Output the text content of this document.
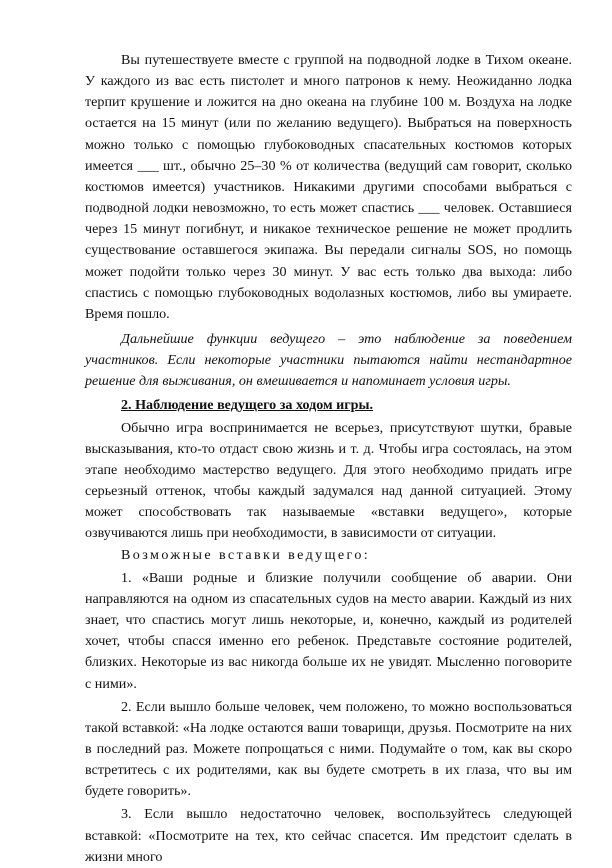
Вы путешествуете вместе с группой на подводной лодке в Тихом океане. У каждого из вас есть пистолет и много патронов к нему. Неожиданно лодка терпит крушение и ложится на дно океана на глубине 100 м. Воздуха на лодке остается на 15 минут (или по желанию ведущего). Выбраться на поверхность можно только с помощью глубоководных спасательных костюмов которых имеется ___ шт., обычно 25–30 % от количества (ведущий сам говорит, сколько костюмов имеется) участников. Никакими другими способами выбраться с подводной лодки невозможно, то есть может спастись ___ человек. Оставшиеся через 15 минут погибнут, и никакое техническое решение не может продлить существование оставшегося экипажа. Вы передали сигналы SOS, но помощь может подойти только через 30 минут. У вас есть только два выхода: либо спастись с помощью глубоководных водолазных костюмов, либо вы умираете. Время пошло.

Дальнейшие функции ведущего – это наблюдение за поведением участников. Если некоторые участники пытаются найти нестандартное решение для выживания, он вмешивается и напоминает условия игры.

2. Наблюдение ведущего за ходом игры.

Обычно игра воспринимается не всерьез, присутствуют шутки, бравые высказывания, кто-то отдаст свою жизнь и т. д. Чтобы игра состоялась, на этом этапе необходимо мастерство ведущего. Для этого необходимо придать игре серьезный оттенок, чтобы каждый задумался над данной ситуацией. Этому может способствовать так называемые «вставки ведущего», которые озвучиваются лишь при необходимости, в зависимости от ситуации.

Возможные вставки ведущего:

1. «Ваши родные и близкие получили сообщение об аварии. Они направляются на одном из спасательных судов на место аварии. Каждый из них знает, что спастись могут лишь некоторые, и, конечно, каждый из родителей хочет, чтобы спасся именно его ребенок. Представьте состояние родителей, близких. Некоторые из вас никогда больше их не увидят. Мысленно поговорите с ними».

2. Если вышло больше человек, чем положено, то можно воспользоваться такой вставкой: «На лодке остаются ваши товарищи, друзья. Посмотрите на них в последний раз. Можете попрощаться с ними. Подумайте о том, как вы скоро встретитесь с их родителями, как вы будете смотреть в их глаза, что вы им будете говорить».

3. Если вышло недостаточно человек, воспользуйтесь следующей вставкой: «Посмотрите на тех, кто сейчас спасется. Им предстоит сделать в жизни много
